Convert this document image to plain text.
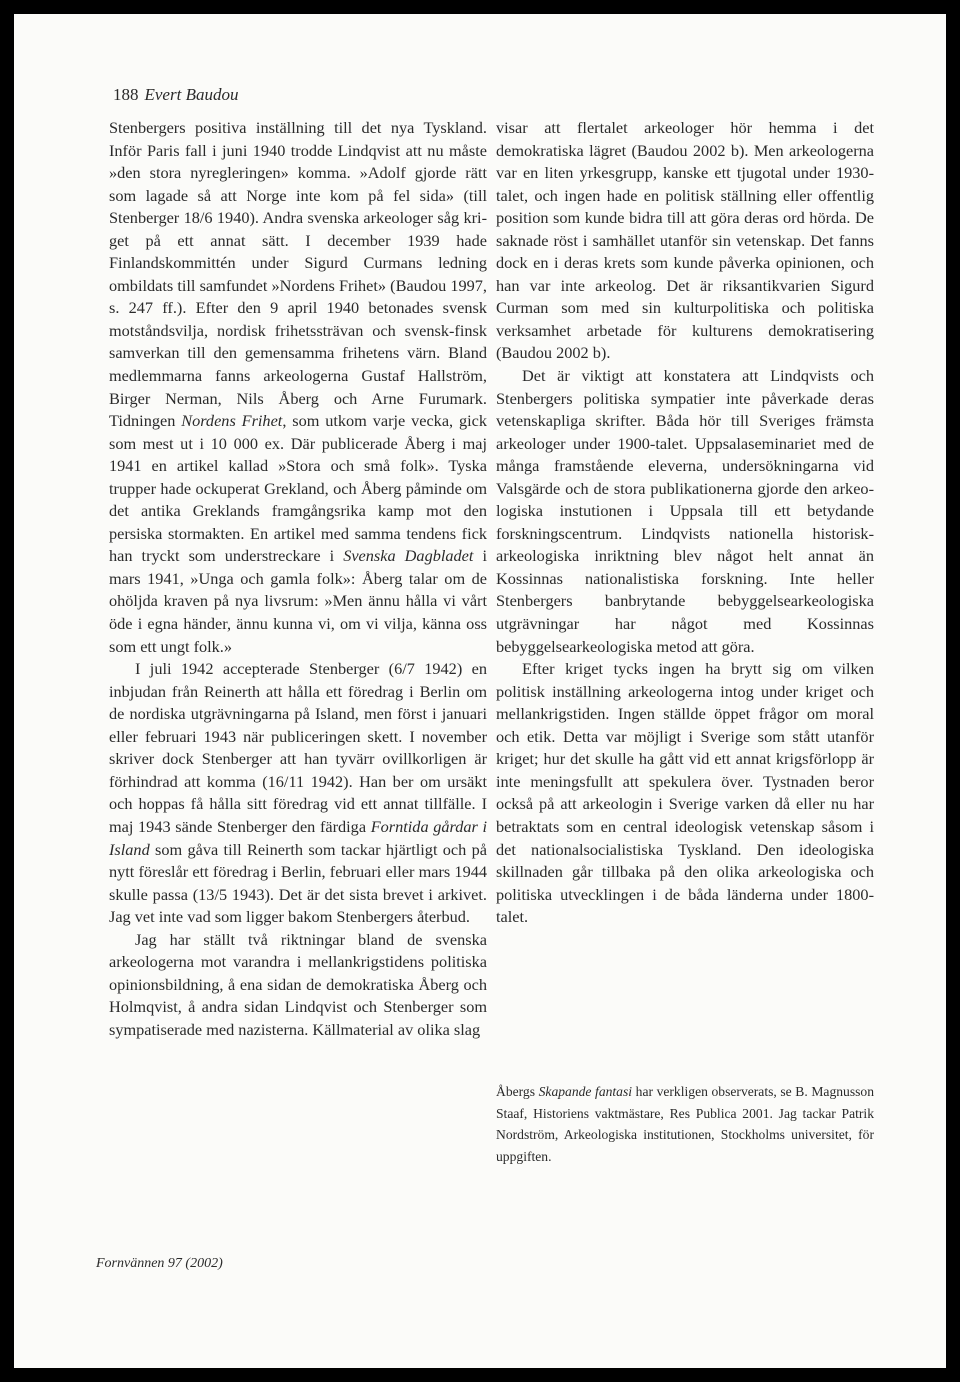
188 Evert Baudou

Stenbergers positiva inställning till det nya Tyskland. Inför Paris fall i juni 1940 trodde Lindqvist att nu måste »den stora nyregleringen» komma. »Adolf gjorde rätt som lagade så att Norge inte kom på fel sida» (till Stenberger 18/6 1940). Andra svenska arkeologer såg kriget på ett annat sätt. I december 1939 hade Finlandskommittén under Sigurd Curmans ledning ombildats till samfundet »Nordens Frihet» (Baudou 1997, s. 247 ff.). Efter den 9 april 1940 betonades svensk motståndsvilja, nordisk frihetssträvan och svensk-finsk samverkan till den gemensamma frihetens värn. Bland medlemmarna fanns arkeologerna Gustaf Hallström, Birger Nerman, Nils Åberg och Arne Furumark. Tidningen Nordens Frihet, som utkom varje vecka, gick som mest ut i 10 000 ex. Där publicerade Åberg i maj 1941 en artikel kallad »Stora och små folk». Tyska trupper hade ockuperat Grekland, och Åberg påminde om det antika Greklands framgångsrika kamp mot den persiska stormakten. En artikel med samma tendens fick han tryckt som understreckare i Svenska Dagbladet i mars 1941, »Unga och gamla folk»: Åberg talar om de ohöljda kraven på nya livsrum: »Men ännu hålla vi vårt öde i egna händer, ännu kunna vi, om vi vilja, känna oss som ett ungt folk.»

I juli 1942 accepterade Stenberger (6/7 1942) en inbjudan från Reinerth att hålla ett föredrag i Berlin om de nordiska utgrävningarna på Island, men först i januari eller februari 1943 när publiceringen skett. I november skriver dock Stenberger att han tyvärr ovillkorligen är förhindrad att komma (16/11 1942). Han ber om ursäkt och hoppas få hålla sitt föredrag vid ett annat tillfälle. I maj 1943 sände Stenberger den färdiga Forntida gårdar i Island som gåva till Reinerth som tackar hjärtligt och på nytt föreslår ett föredrag i Berlin, februari eller mars 1944 skulle passa (13/5 1943). Det är det sista brevet i arkivet. Jag vet inte vad som ligger bakom Stenbergers återbud.

Jag har ställt två riktningar bland de svenska arkeologerna mot varandra i mellankrigstidens politiska opinionsbildning, å ena sidan de demokratiska Åberg och Holmqvist, å andra sidan Lindqvist och Stenberger som sympatiserade med nazisterna. Källmaterial av olika slag

visar att flertalet arkeologer hör hemma i det demokratiska lägret (Baudou 2002 b). Men arkeologerna var en liten yrkesgrupp, kanske ett tjugotal under 1930-talet, och ingen hade en politisk ställning eller offentlig position som kunde bidra till att göra deras ord hörda. De saknade röst i samhället utanför sin vetenskap. Det fanns dock en i deras krets som kunde påverka opinionen, och han var inte arkeolog. Det är riksantikvarien Sigurd Curman som med sin kulturpolitiska och politiska verksamhet arbetade för kulturens demokratisering (Baudou 2002 b).

Det är viktigt att konstatera att Lindqvists och Stenbergers politiska sympatier inte påverkade deras vetenskapliga skrifter. Båda hör till Sveriges främsta arkeologer under 1900-talet. Uppsalaseminariet med de många framstående eleverna, undersökningarna vid Valsgärde och de stora publikationerna gjorde den arkeologiska instutionen i Uppsala till ett betydande forskningscentrum. Lindqvists nationella historisk-arkeologiska inriktning blev något helt annat än Kossinnas nationalistiska forskning. Inte heller Stenbergers banbrytande bebyggelsearkeologiska utgrävningar har något med Kossinnas bebyggelsearkeologiska metod att göra.

Efter kriget tycks ingen ha brytt sig om vilken politisk inställning arkeologerna intog under kriget och mellankrigstiden. Ingen ställde öppet frågor om moral och etik. Detta var möjligt i Sverige som stått utanför kriget; hur det skulle ha gått vid ett annat krigsförlopp är inte meningsfullt att spekulera över. Tystnaden beror också på att arkeologin i Sverige varken då eller nu har betraktats som en central ideologisk vetenskap såsom i det nationalsocialistiska Tyskland. Den ideologiska skillnaden går tillbaka på den olika arkeologiska och politiska utvecklingen i de båda länderna under 1800-talet.

Åbergs Skapande fantasi har verkligen observerats, se B. Magnusson Staaf, Historiens vaktmästare, Res Publica 2001. Jag tackar Patrik Nordström, Arkeologiska institutionen, Stockholms universitet, för uppgiften.

Fornvännen 97 (2002)
